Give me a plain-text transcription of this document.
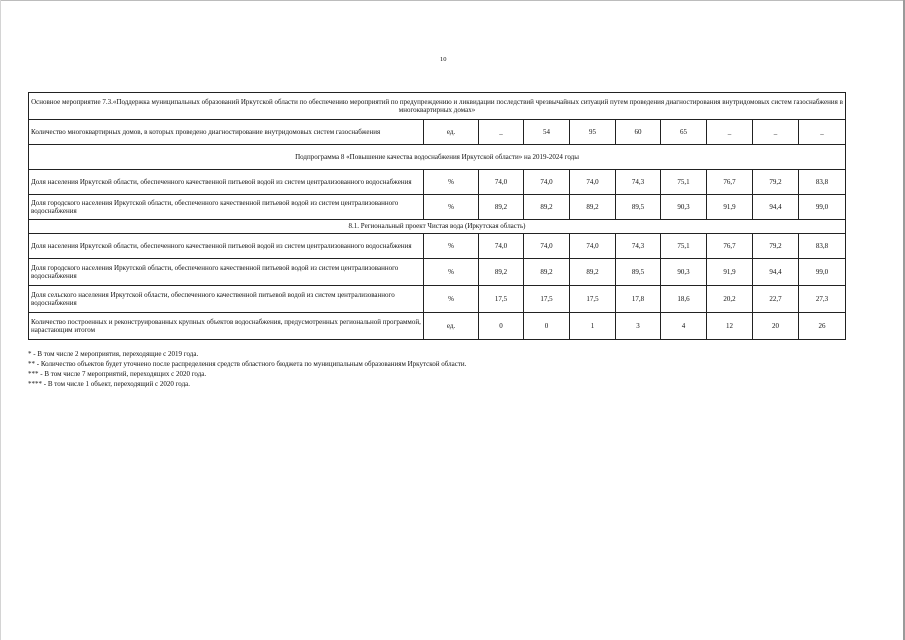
10
Основное мероприятие 7.3.«Поддержка муниципальных образований Иркутской области по обеспечению мероприятий по предупреждению и ликвидации последствий чрезвычайных ситуаций путем проведения диагностирования внутридомовых систем газоснабжения в многоквартирных домах»									
Количество многоквартирных домов, в которых проведено диагностирование внутридомовых систем газоснабжения	ед.	_	54	95	60	65	_	_	_
Подпрограмма 8 «Повышение качества водоснабжения Иркутской области» на 2019-2024 годы									
Доля населения Иркутской области, обеспеченного качественной питьевой водой из систем централизованного водоснабжения	%	74,0	74,0	74,0	74,3	75,1	76,7	79,2	83,8
Доля городского населения Иркутской области, обеспеченного качественной питьевой водой из систем централизованного водоснабжения	%	89,2	89,2	89,2	89,5	90,3	91,9	94,4	99,0
8.1. Региональный проект Чистая вода (Иркутская область)									
Доля населения Иркутской области, обеспеченного качественной питьевой водой из систем централизованного водоснабжения	%	74,0	74,0	74,0	74,3	75,1	76,7	79,2	83,8
Доля городского населения Иркутской области, обеспеченного качественной питьевой водой из систем централизованного водоснабжения	%	89,2	89,2	89,2	89,5	90,3	91,9	94,4	99,0
Доля сельского населения Иркутской области, обеспеченного качественной питьевой водой из систем централизованного водоснабжения	%	17,5	17,5	17,5	17,8	18,6	20,2	22,7	27,3
Количество построенных и реконструированных крупных объектов водоснабжения, предусмотренных региональной программой, нарастающим итогом	ед.	0	0	1	3	4	12	20	26
* - В том числе 2 мероприятия, переходящие с 2019 года.
** - Количество объектов будет уточнено после распределения средств областного бюджета по муниципальным образованиям Иркутской области.
*** - В том числе 7 мероприятий, переходящих с 2020 года.
**** - В том числе 1 объект, переходящий с 2020 года.
